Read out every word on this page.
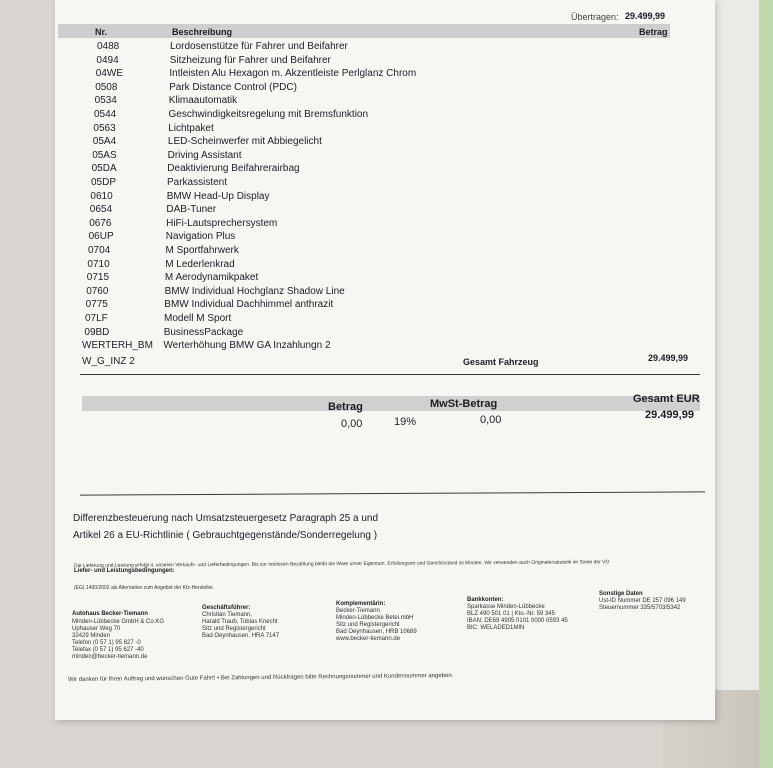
Übertragen: 29.499,99
Nr.	Beschreibung	Betrag
0488	Lordosenstütze für Fahrer und Beifahrer
0494	Sitzheizung für Fahrer und Beifahrer
04WE	Intleisten Alu Hexagon m. Akzentleiste Perlglanz Chrom
0508	Park Distance Control (PDC)
0534	Klimaautomatik
0544	Geschwindigkeitsregelung mit Bremsfunktion
0563	Lichtpaket
05A4	LED-Scheinwerfer mit Abbiegelicht
05AS	Driving Assistant
05DA	Deaktivierung Beifahrerairbag
05DP	Parkassistent
0610	BMW Head-Up Display
0654	DAB-Tuner
0676	HiFi-Lautsprechersystem
06UP	Navigation Plus
0704	M Sportfahrwerk
0710	M Lederlenkrad
0715	M Aerodynamikpaket
0760	BMW Individual Hochglanz Shadow Line
0775	BMW Individual Dachhimmel anthrazit
07LF	Modell M Sport
09BD	BusinessPackage
WERTERH_BM Werterhöhung BMW GA Inzahlungn 2
W_G_INZ 2	Gesamt Fahrzeug	29.499,99
Betrag	MwSt-Betrag	Gesamt EUR
0,00	19%	0,00	29.499,99
Differenzbesteuerung nach Umsatzsteuergesetz Paragraph 25 a und
Artikel 26 a EU-Richtlinie ( Gebrauchtgegenstände/Sonderregelung )
Liefer- und Leistungsbedingungen:
Die Lieferung und Leistung erfolgt it. unseren Verkaufs- und Lieferbedingungen. Bis zur restlosen Bezahlung bleibt die Ware unser Eigentum. Erfüllungsort und Gerichtsstand ist Minden. Wir verwenden auch Originalersatzteile im Sinne der VO
(EG) 1400/2002 als Alternative zum Angebot der Kfz-Hersteller.
Autohaus Becker-Tiemann
Minden-Lübbecke GmbH & Co.KG
Uphauser Weg 70
32429 Minden
Telefon (0 57 1) 95 627 -0
Telefax (0 57 1) 95 627 -40
minden@becker-tiemann.de
Geschäftsführer:
Christian Tiemann,
Harald Traub, Tobias Knecht
Sitz und Registergericht
Bad Oeynhausen, HRA 7147
Komplementärin:
Becker-Tiemann
Minden-Lübbecke Betei.mbH
Sitz und Registergericht
Bad Oeynhausen, HRB 10689
www.becker-tiemann.de
Bankkonten:
Sparkasse Minden-Lübbecke
BLZ 490 501 01 | Kto.-Nr. 59 345
IBAN: DE69 4905 0101 0000 0593 45
BIC: WELADED1MIN
Sonstige Daten
Ust-ID Nummer DE 257 096 149
Steuernummer 335/5703/5342
Wir danken für Ihren Auftrag und wünschen Gute Fahrt! • Bei Zahlungen und Rückfragen bitte Rechnungsnummer und Kundennummer angeben.
